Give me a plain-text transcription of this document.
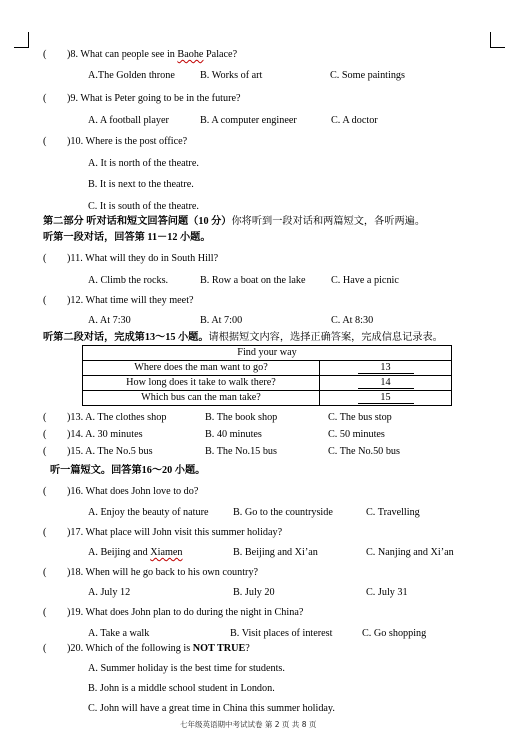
( )8. What can people see in Baohe Palace?
A.The Golden throne B. Works of art	C. Some paintings
( )9. What is Peter going to be in the future?
A. A football player	B. A computer engineer	C. A doctor
( )10. Where is the post office?
A. It is north of the theatre.
B. It is next to the theatre.
C. It is south of the theatre.
第二部分 听对话和短文回答问题（10 分）你将听到一段对话和两篇短文，各听两遍。
听第一段对话，回答第 11－12 小题。
( )11. What will they do in South Hill?
A. Climb the rocks.	B. Row a boat on the lake C. Have a picnic
( )12. What time will they meet?
A. At 7:30	B. At 7:00	C. At 8:30
听第二段对话，完成第13～15 小题。请根据短文内容，选择正确答案，完成信息记录表。
Find your way	
Where does the man want to go?	13
How long does it take to walk there?	14
Which bus can the man take?	15
( )13. A. The clothes shop	B. The book shop	C. The bus stop
( )14. A. 30 minutes	B. 40 minutes	C. 50 minutes
( )15. A. The No.5 bus	B. The No.15 bus	C. The No.50 bus
听一篇短文。回答第16～20 小题。
( )16. What does John love to do?
A. Enjoy the beauty of nature B. Go to the countryside	C. Travelling
( )17. What place will John visit this summer holiday?
A. Beijing and Xiamen	B. Beijing and Xi’an	C. Nanjing and Xi’an
( )18. When will he go back to his own country?
A. July 12	B. July 20	C. July 31
( )19. What does John plan to do during the night in China?
A. Take a walk	B. Visit places of interest	C. Go shopping
( )20. Which of the following is NOT TRUE?
A. Summer holiday is the best time for students.
B. John is a middle school student in London.
C. John will have a great time in China this summer holiday.
七年级英语期中考试试卷 第 2 页 共 8 页
